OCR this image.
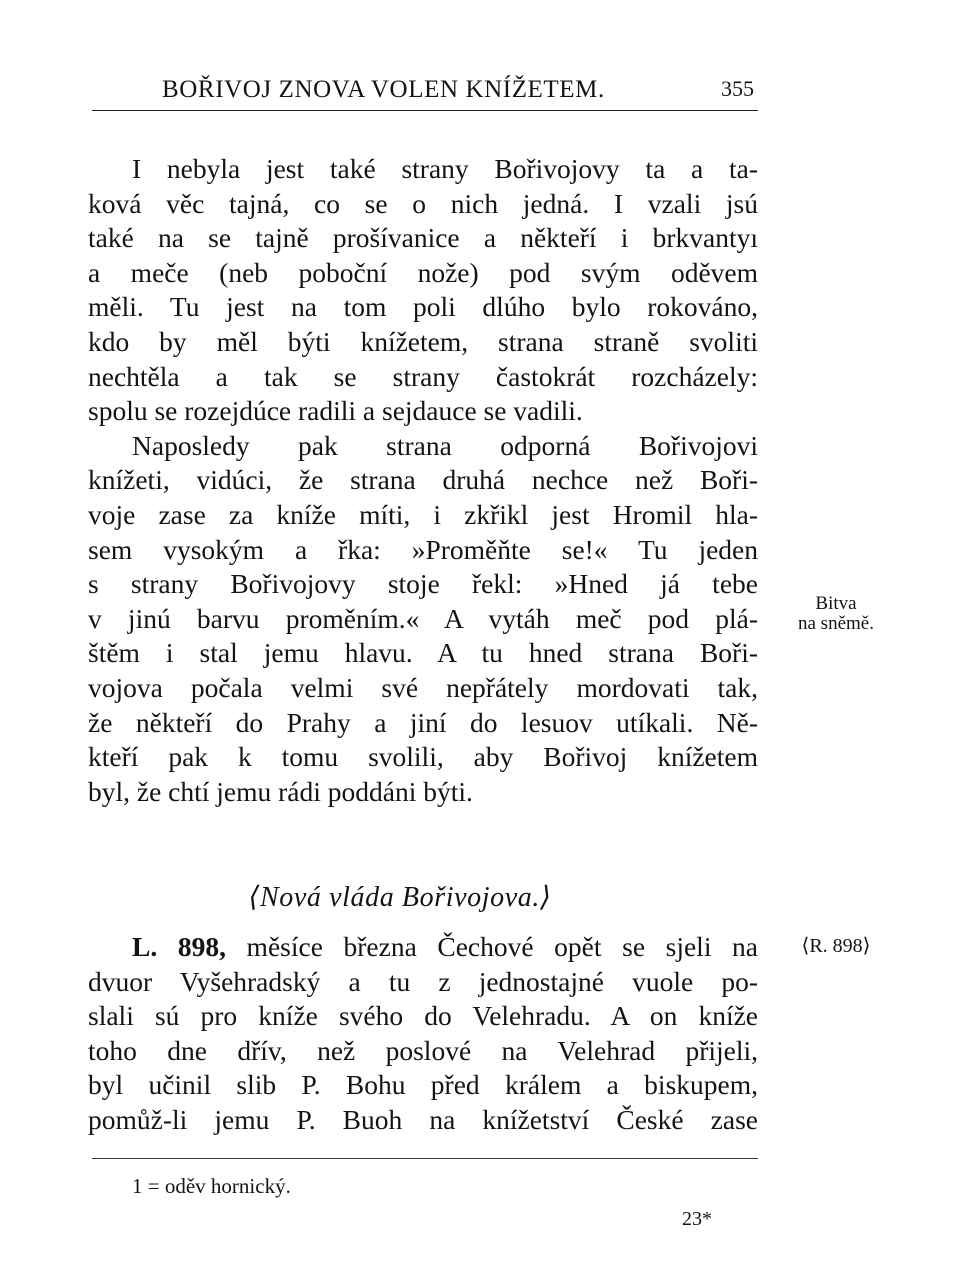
BOŘIVOJ ZNOVA VOLEN KNÍŽETEM.	355
I nebyla jest také strany Bořivojovy ta a ta-
ková věc tajná, co se o nich jedná. I vzali jsú
také na se tajně prošívanice a někteří i brkvantyı
a meče (neb poboční nože) pod svým oděvem
měli. Tu jest na tom poli dlúho bylo rokováno,
kdo by měl býti knížetem, strana straně svoliti
nechtěla a tak se strany častokrát rozcházely:
spolu se rozejdúce radili a sejdauce se vadili.
Naposledy pak strana odporná Bořivojovi
knížeti, vidúci, že strana druhá nechce než Boři-
voje zase za kníže míti, i zkřikl jest Hromil hla-
sem vysokým a řka: »Proměňte se!« Tu jeden
s strany Bořivojovy stoje řekl: »Hned já tebe
v jinú barvu proměním.« A vytáh meč pod plá-
štěm i stal jemu hlavu. A tu hned strana Boři-
vojova počala velmi své nepřátely mordovati tak,
že někteří do Prahy a jiní do lesuov utíkali. Ně-
kteří pak k tomu svolili, aby Bořivoj knížetem
byl, že chtí jemu rádi poddáni býti.
L. 898, měsíce března Čechové opět se sjeli na
dvuor Vyšehradský a tu z jednostajné vuole po-
slali sú pro kníže svého do Velehradu. A on kníže
toho dne dřív, než poslové na Velehrad přijeli,
byl učinil slib P. Bohu před králem a biskupem,
pomůž-li jemu P. Buoh na knížetství České zase
⟨Nová vláda Bořivojova.⟩
Bitva
na sněmě.
⟨R. 898⟩
1 = oděv hornický.
23*
